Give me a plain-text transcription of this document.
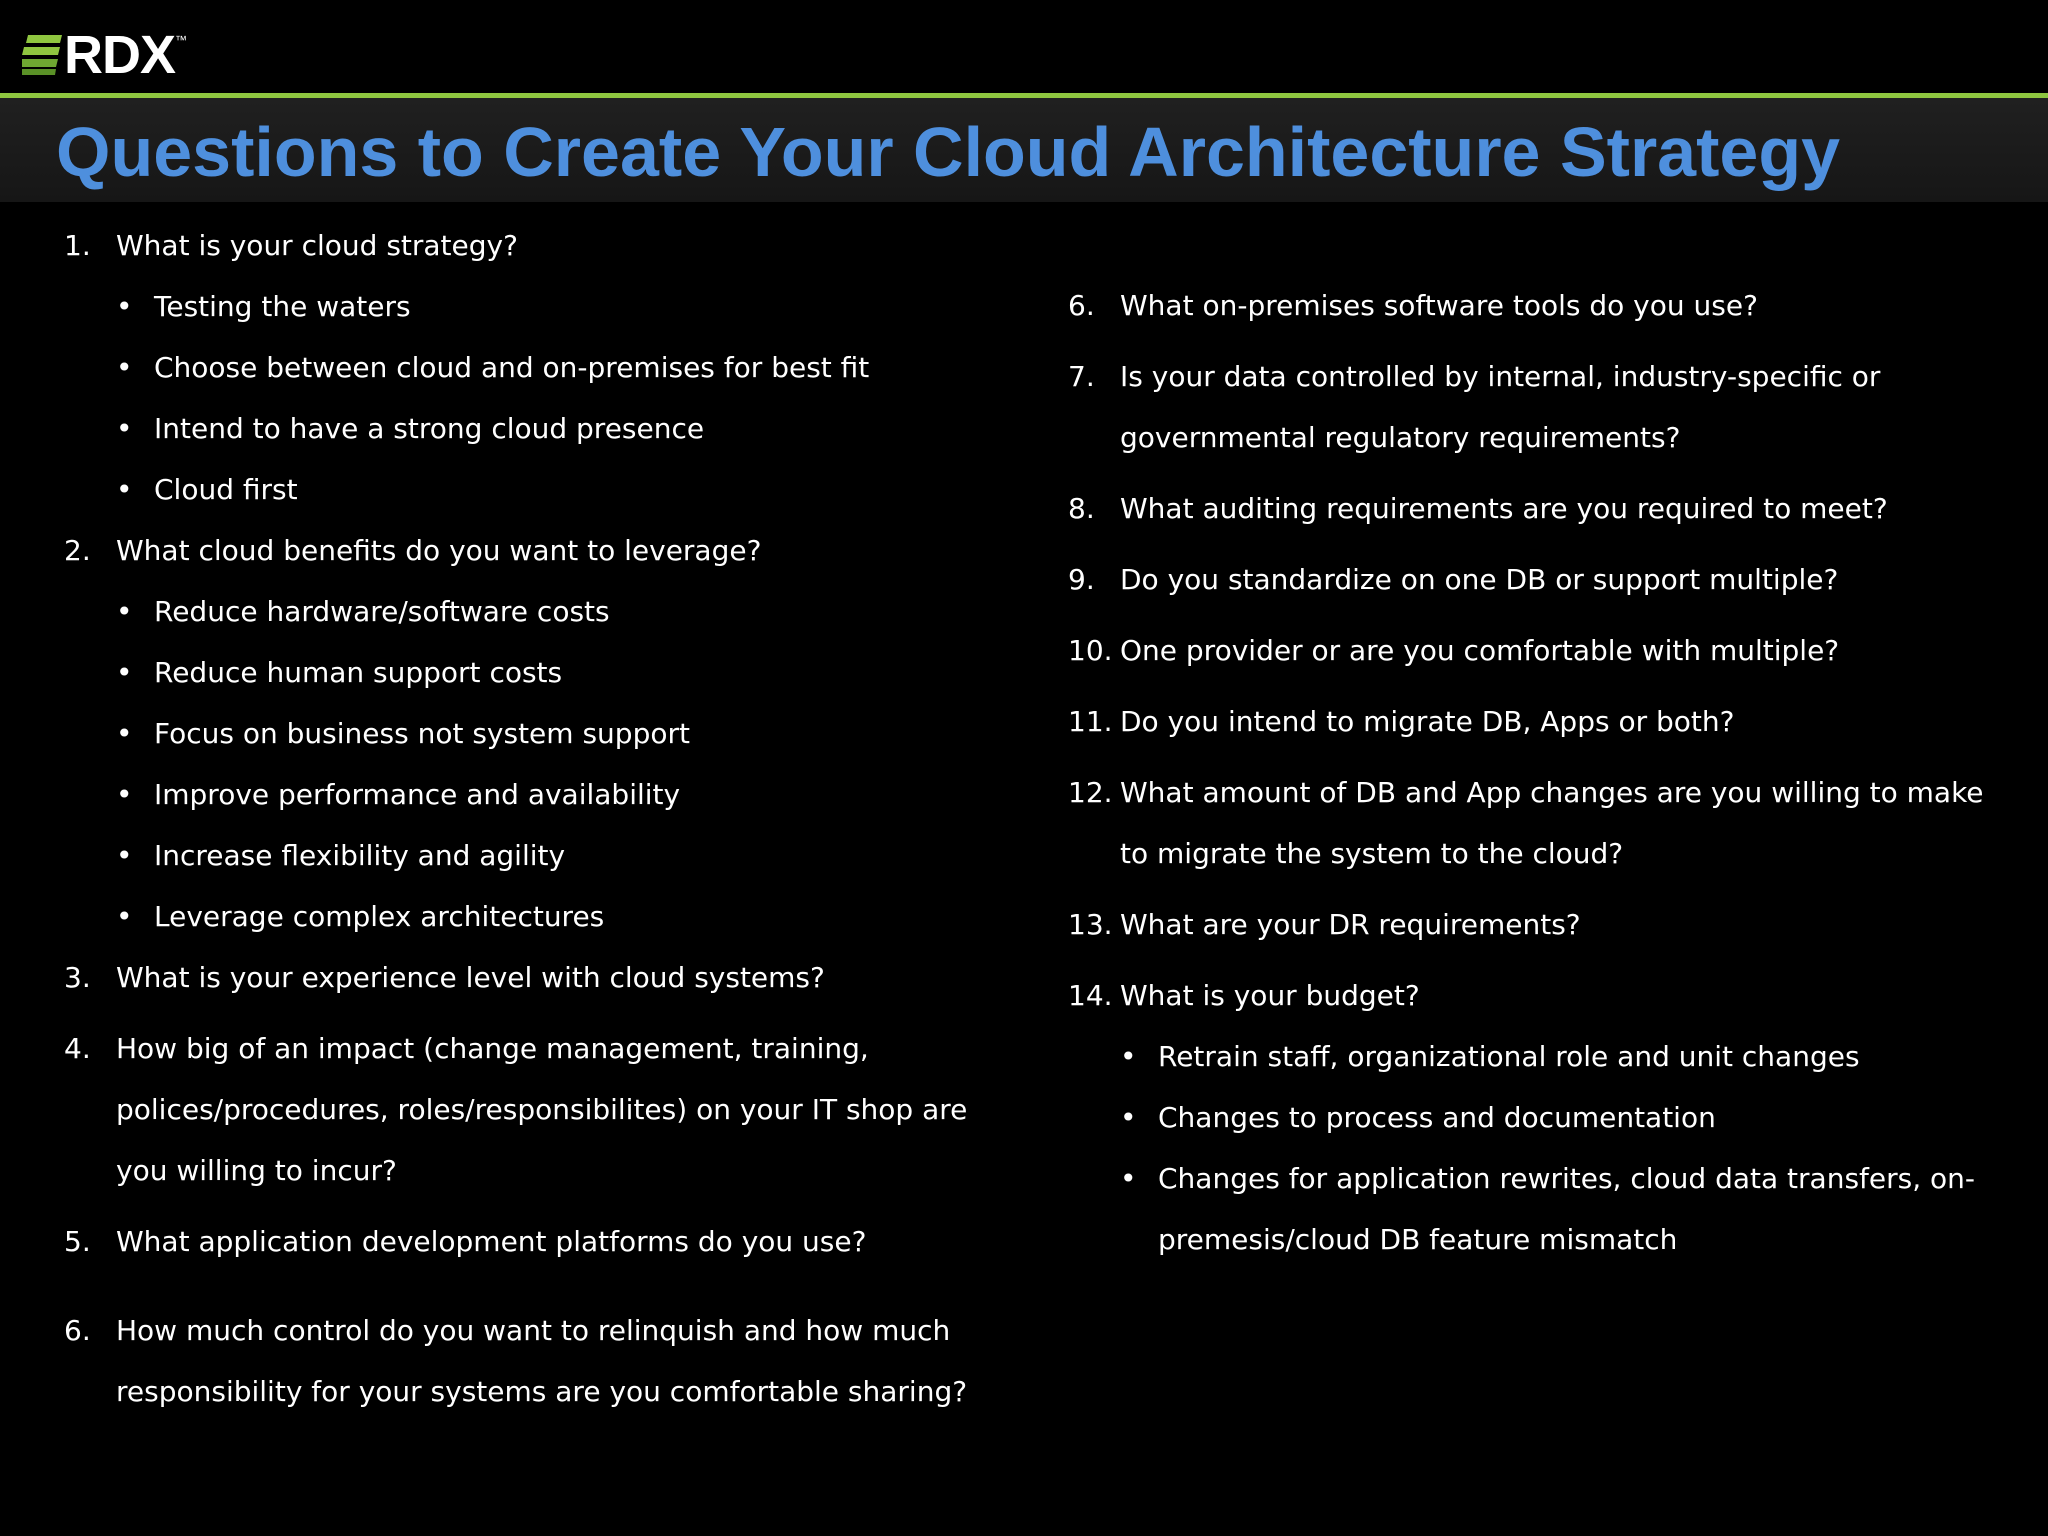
RDX ™
Questions to Create Your Cloud Architecture Strategy
1. What is your cloud strategy?
• Testing the waters
• Choose between cloud and on-premises for best fit
• Intend to have a strong cloud presence
• Cloud first
2. What cloud benefits do you want to leverage?
• Reduce hardware/software costs
• Reduce human support costs
• Focus on business not system support
• Improve performance and availability
• Increase flexibility and agility
• Leverage complex architectures
3. What is your experience level with cloud systems?
4. How big of an impact (change management, training, polices/procedures, roles/responsibilites) on your IT shop are you willing to incur?
5. What application development platforms do you use?
6. How much control do you want to relinquish and how much responsibility for your systems are you comfortable sharing?
6. What on-premises software tools do you use?
7. Is your data controlled by internal, industry-specific or governmental regulatory requirements?
8. What auditing requirements are you required to meet?
9. Do you standardize on one DB or support multiple?
10. One provider or are you comfortable with multiple?
11. Do you intend to migrate DB, Apps or both?
12. What amount of DB and App changes are you willing to make to migrate the system to the cloud?
13. What are your DR requirements?
14. What is your budget?
• Retrain staff, organizational role and unit changes
• Changes to process and documentation
• Changes for application rewrites, cloud data transfers, on-premesis/cloud DB feature mismatch
